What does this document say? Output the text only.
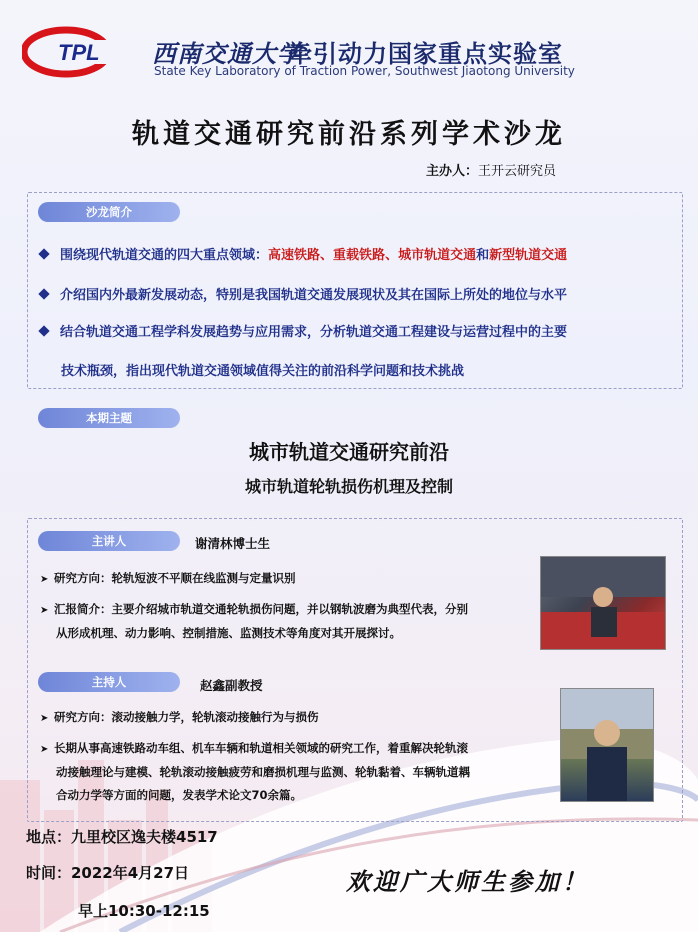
TPL 西南交通大学
牵引动力国家重点实验室
State Key Laboratory of Traction Power, Southwest Jiaotong University
轨道交通研究前沿系列学术沙龙
主办人：王开云研究员
沙龙简介
围绕现代轨道交通的四大重点领域：高速铁路、重载铁路、城市轨道交通和新型轨道交通
介绍国内外最新发展动态，特别是我国轨道交通发展现状及其在国际上所处的地位与水平
结合轨道交通工程学科发展趋势与应用需求，分析轨道交通工程建设与运营过程中的主要
技术瓶颈，指出现代轨道交通领域值得关注的前沿科学问题和技术挑战
本期主题
城市轨道交通研究前沿
城市轨道轮轨损伤机理及控制
主讲人	谢清林博士生
➤ 研究方向：轮轨短波不平顺在线监测与定量识别
➤ 汇报简介：主要介绍城市轨道交通轮轨损伤问题，并以钢轨波磨为典型代表，分别
从形成机理、动力影响、控制措施、监测技术等角度对其开展探讨。
主持人	赵鑫副教授
➤ 研究方向：滚动接触力学，轮轨滚动接触行为与损伤
➤ 长期从事高速铁路动车组、机车车辆和轨道相关领域的研究工作，着重解决轮轨滚
动接触理论与建模、轮轨滚动接触疲劳和磨损机理与监测、轮轨黏着、车辆轨道耦
合动力学等方面的问题，发表学术论文70余篇。
地点：九里校区逸夫楼4517
时间：2022年4月27日
早上10:30-12:15
欢迎广大师生参加！
